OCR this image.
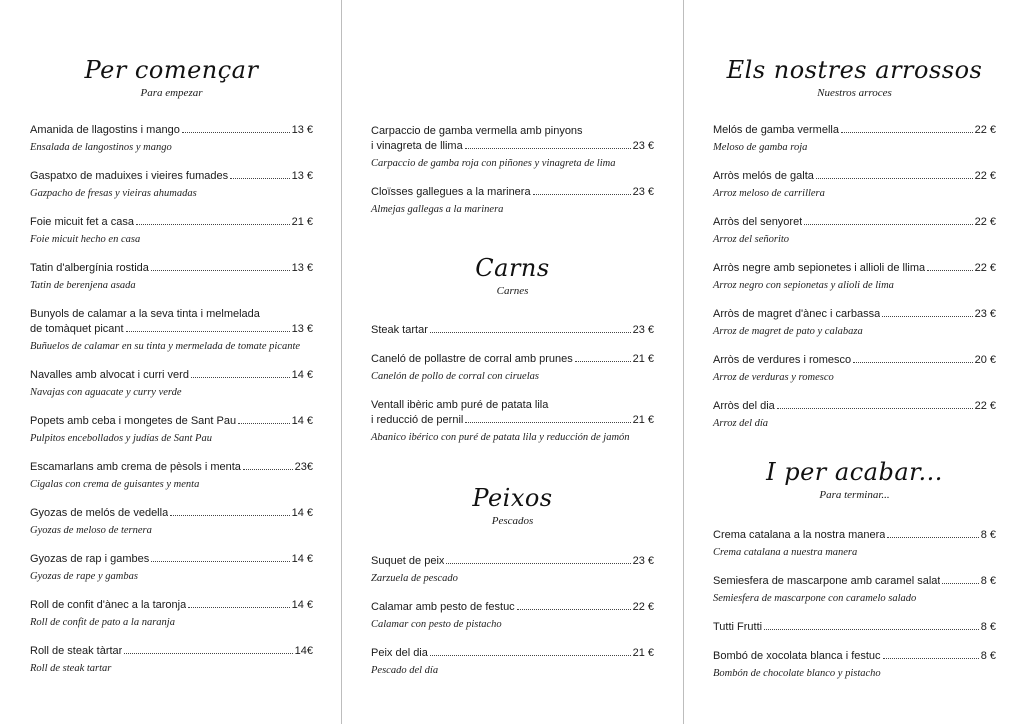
Per començar
Para empezar
Amanida de llagostins i mango	13 €
Ensalada de langostinos y mango
Gaspatxo de maduixes i vieires fumades	13 €
Gazpacho de fresas y vieiras ahumadas
Foie micuit fet a casa	21 €
Foie micuit hecho en casa
Tatin d'albergínia rostida	13 €
Tatin de berenjena asada
Bunyols de calamar a la seva tinta i melmelada
de tomàquet picant	13 €
Buñuelos de calamar en su tinta y mermelada de tomate picante
Navalles amb alvocat i curri verd	14 €
Navajas con aguacate y curry verde
Popets amb ceba i mongetes de Sant Pau	14 €
Pulpitos encebollados y judías de Sant Pau
Escamarlans amb crema de pèsols i menta	23€
Cigalas con crema de guisantes y menta
Gyozas de melós de vedella	14 €
Gyozas de meloso de ternera
Gyozas de rap i gambes	14 €
Gyozas de rape y gambas
Roll de confit d'ànec a la taronja	14 €
Roll de confit de pato a la naranja
Roll de steak tàrtar	14€
Roll de steak tartar
Carpaccio de gamba vermella amb pinyons
i vinagreta de llima	23 €
Carpaccio de gamba roja con piñones y vinagreta de lima
Cloïsses gallegues a la marinera	23 €
Almejas gallegas a la marinera
Carns
Carnes
Steak tartar	23 €
Caneló de pollastre de corral amb prunes	21 €
Canelón de pollo de corral con ciruelas
Ventall ibèric amb puré de patata lila
i reducció de pernil	21 €
Abanico ibérico con puré de patata lila y reducción de jamón
Peixos
Pescados
Suquet de peix	23 €
Zarzuela de pescado
Calamar amb pesto de festuc	22 €
Calamar con pesto de pistacho
Peix del dia	21 €
Pescado del día
Els nostres arrossos
Nuestros arroces
Melós de gamba vermella	22 €
Meloso de gamba roja
Arròs melós de galta	22 €
Arroz meloso de carrillera
Arròs del senyoret	22 €
Arroz del señorito
Arròs negre amb sepionetes i allioli de llima	22 €
Arroz negro con sepionetas y alioli de lima
Arròs de magret d'ànec i carbassa	23 €
Arroz de magret de pato y calabaza
Arròs de verdures i romesco	20 €
Arroz de verduras y romesco
Arròs del dia	22 €
Arroz del día
I per acabar...
Para terminar...
Crema catalana a la nostra manera	8 €
Crema catalana a nuestra manera
Semiesfera de mascarpone amb caramel salat	8 €
Semiesfera de mascarpone con caramelo salado
Tutti Frutti	8 €
Bombó de xocolata blanca i festuc	8 €
Bombón de chocolate blanco y pistacho
